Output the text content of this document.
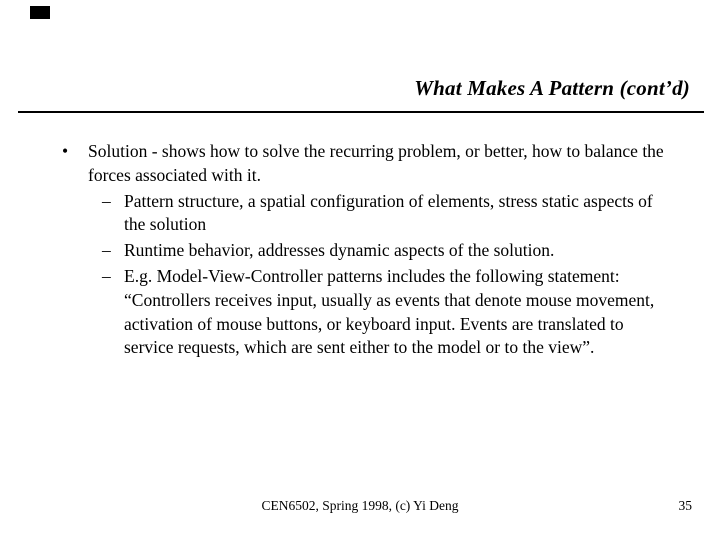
What Makes A Pattern (cont’d)
•	Solution - shows how to solve the recurring problem, or better, how to balance the forces associated with it.
– Pattern structure, a spatial configuration of elements, stress static aspects of the solution
– Runtime behavior, addresses dynamic aspects of the solution.
– E.g. Model-View-Controller patterns includes the following statement: “Controllers receives input, usually as events that denote mouse movement, activation of mouse buttons, or keyboard input. Events are translated to service requests, which are sent either to the model or to the view”.
CEN6502, Spring 1998, (c) Yi Deng	35
